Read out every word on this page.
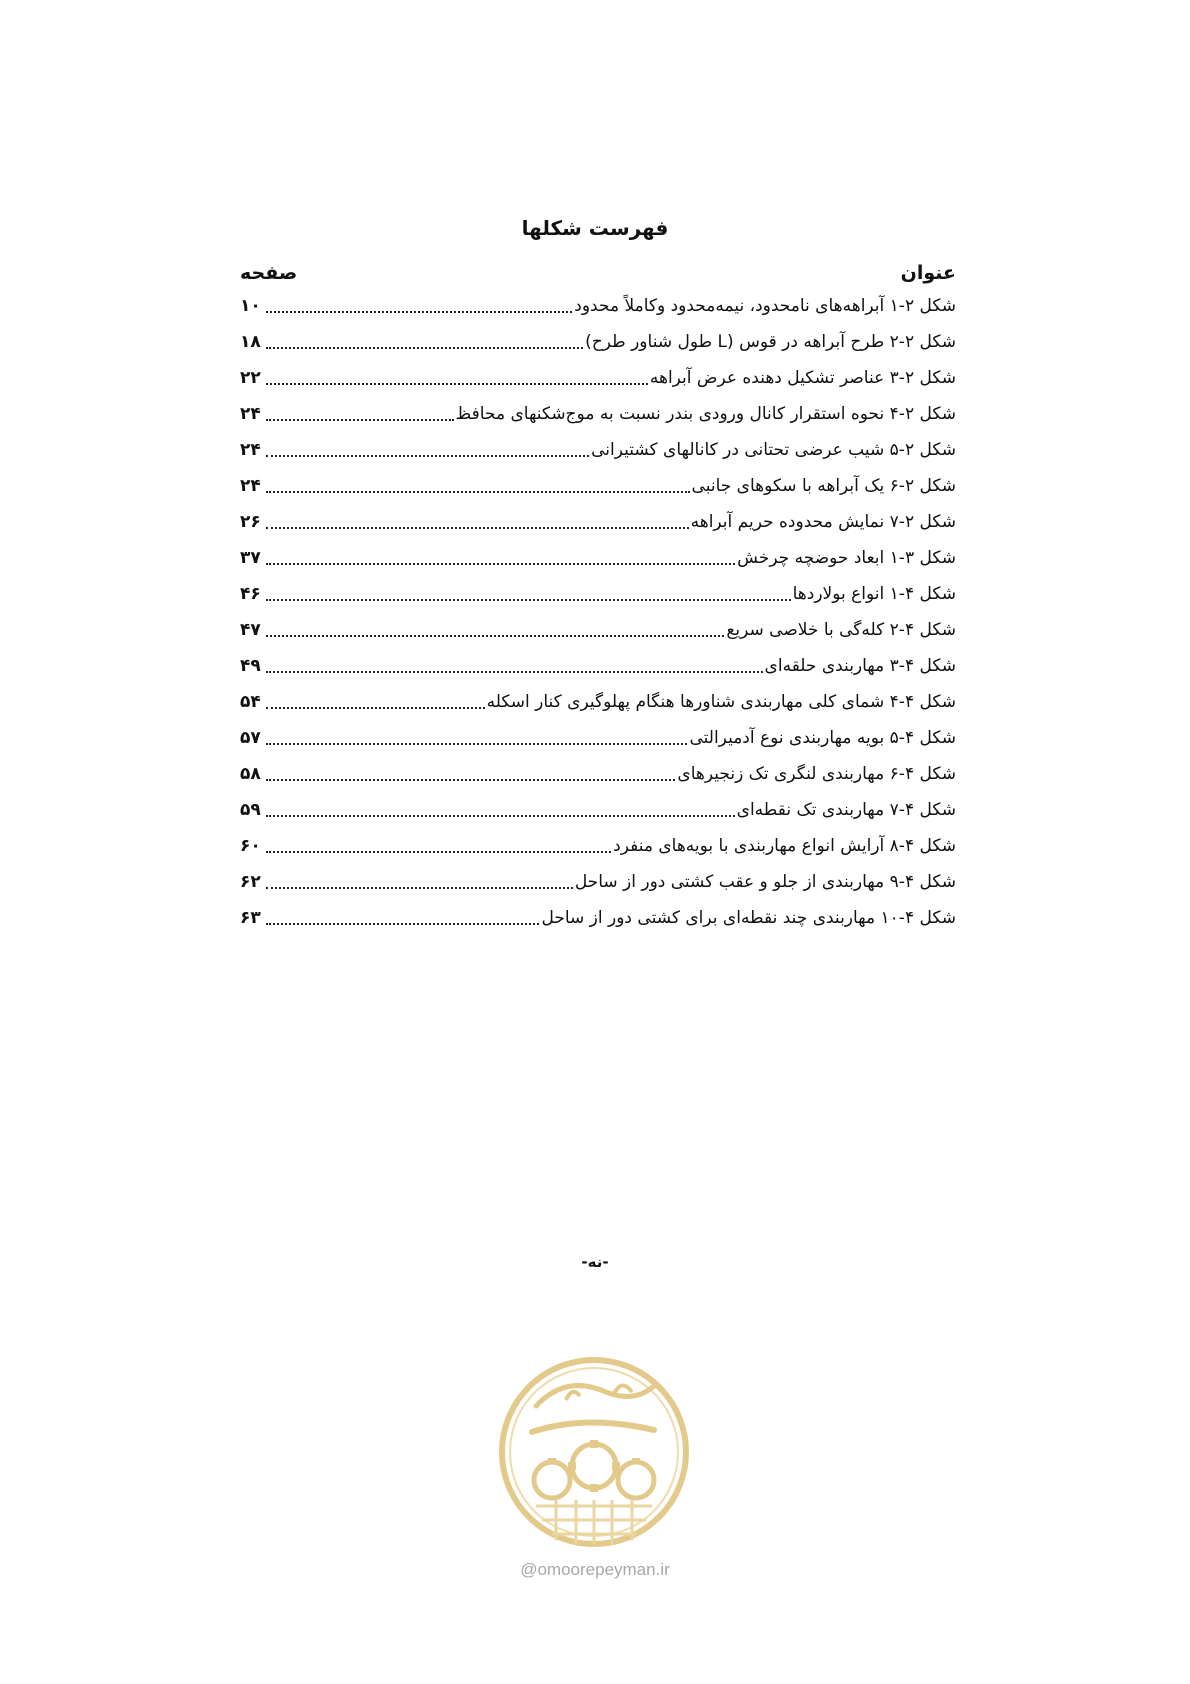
فهرست شکلها
عنوان
صفحه
شکل ۲-۱ آبراهه‌های نامحدود، نیمه‌محدود وکاملاً محدود
۱۰
شکل ۲-۲ طرح آبراهه در قوس (L طول شناور طرح)
۱۸
شکل ۲-۳ عناصر تشکیل دهنده عرض آبراهه
۲۲
شکل ۲-۴ نحوه استقرار کانال ورودی بندر نسبت به موج‌شکنهای محافظ
۲۴
شکل ۲-۵ شیب عرضی تحتانی در کانالهای کشتیرانی
۲۴
شکل ۲-۶ یک آبراهه با سکوهای جانبی
۲۴
شکل ۲-۷ نمایش محدوده حریم آبراهه
۲۶
شکل ۳-۱ ابعاد حوضچه چرخش
۳۷
شکل ۴-۱ انواع بولاردها
۴۶
شکل ۴-۲ کله‌گی با خلاصی سریع
۴۷
شکل ۴-۳ مهاربندی حلقه‌ای
۴۹
شکل ۴-۴ شمای کلی مهاربندی شناورها هنگام پهلوگیری کنار اسکله
۵۴
شکل ۴-۵ بویه مهاربندی نوع آدمیرالتی
۵۷
شکل ۴-۶ مهاربندی لنگری تک زنجیرهای
۵۸
شکل ۴-۷ مهاربندی تک نقطه‌ای
۵۹
شکل ۴-۸ آرایش انواع مهاربندی با بویه‌های منفرد
۶۰
شکل ۴-۹ مهاربندی از جلو و عقب کشتی دور از ساحل
۶۲
شکل ۴-۱۰ مهاربندی چند نقطه‌ای برای کشتی دور از ساحل
۶۳
-نه-
@omoorepeyman.ir
